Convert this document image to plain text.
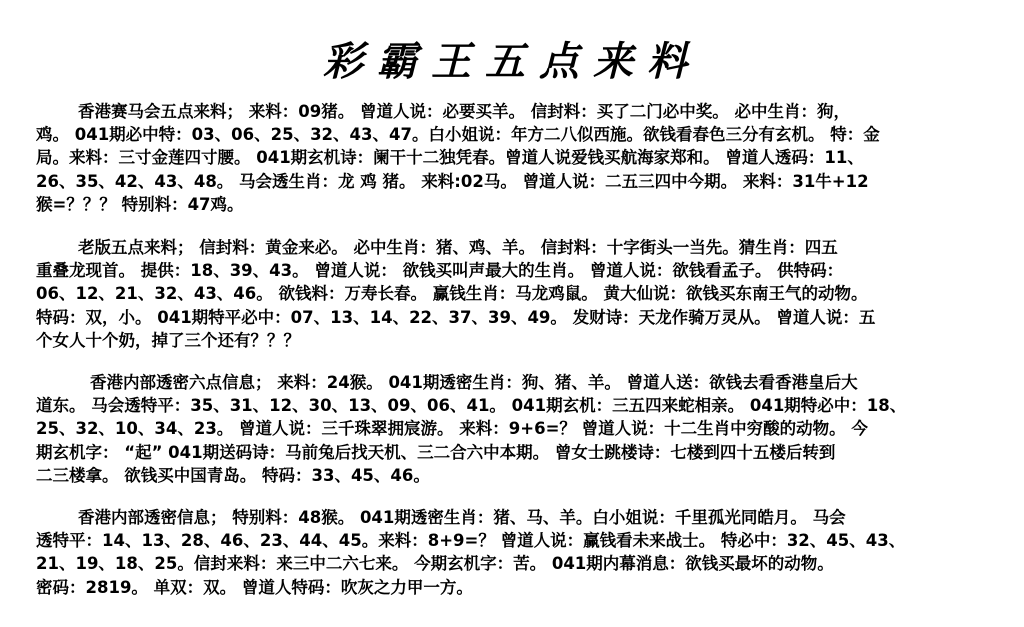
彩霸王五点来料
香港赛马会五点来料； 来料：09猪。 曾道人说：必要买羊。 信封料：买了二门必中奖。 必中生肖：狗，
鸡。 041期必中特：03、06、25、32、43、47。白小姐说：年方二八似西施。欲钱看春色三分有玄机。 特：金
局。来料：三寸金莲四寸腰。 041期玄机诗：阑干十二独凭春。曾道人说爱钱买航海家郑和。 曾道人透码：11、
26、35、42、43、48。 马会透生肖：龙 鸡 猪。 来料:02马。 曾道人说：二五三四中今期。 来料：31牛+12
猴=？？？ 特别料：47鸡。
老版五点来料； 信封料：黄金来必。 必中生肖：猪、鸡、羊。 信封料：十字街头一当先。猜生肖：四五
重叠龙现首。 提供：18、39、43。 曾道人说： 欲钱买叫声最大的生肖。 曾道人说：欲钱看孟子。 供特码：
06、12、21、32、43、46。 欲钱料：万寿长春。 赢钱生肖：马龙鸡鼠。 黄大仙说：欲钱买东南王气的动物。
特码：双，小。 041期特平必中：07、13、14、22、37、39、49。 发财诗：天龙作骑万灵从。 曾道人说：五
个女人十个奶，掉了三个还有？？？
香港内部透密六点信息； 来料：24猴。 041期透密生肖：狗、猪、羊。 曾道人送：欲钱去看香港皇后大
道东。 马会透特平：35、31、12、30、13、09、06、41。 041期玄机：三五四来蛇相亲。 041期特必中：18、
25、32、10、34、23。 曾道人说：三千珠翠拥宸游。 来料：9+6=？ 曾道人说：十二生肖中穷酸的动物。 今
期玄机字： “起” 041期送码诗：马前兔后找天机、三二合六中本期。 曾女士跳楼诗：七楼到四十五楼后转到
二三楼拿。 欲钱买中国青岛。 特码：33、45、46。
香港内部透密信息； 特别料：48猴。 041期透密生肖：猪、马、羊。白小姐说：千里孤光同皓月。 马会
透特平：14、13、28、46、23、44、45。来料：8+9=？ 曾道人说：赢钱看未来战士。 特必中：32、45、43、
21、19、18、25。信封来料：来三中二六七来。 今期玄机字：苦。 041期内幕消息：欲钱买最坏的动物。
密码：2819。 单双：双。 曾道人特码：吹灰之力甲一方。
